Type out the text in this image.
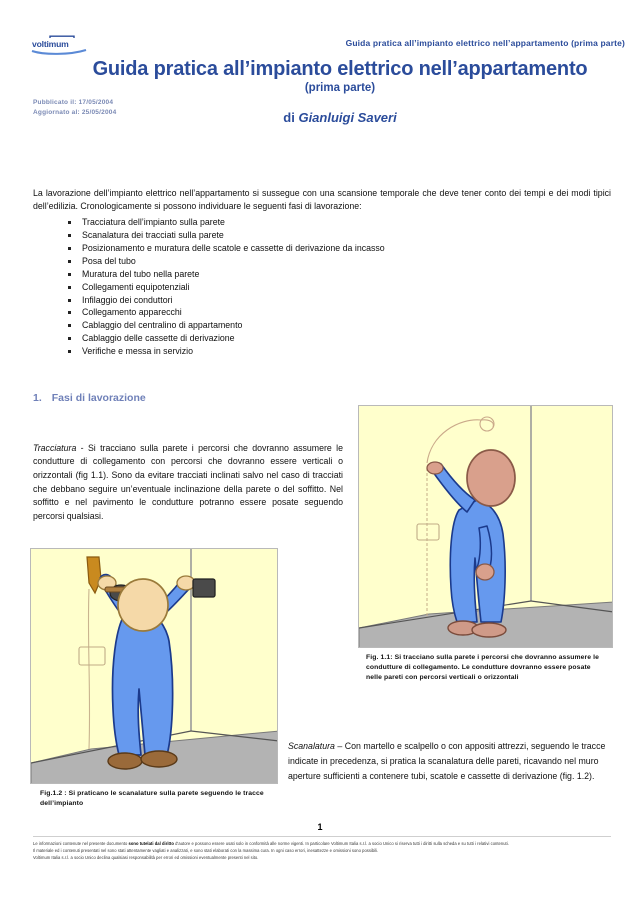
voltimum	Guida pratica all’impianto elettrico nell’appartamento (prima parte)
Guida pratica all’impianto elettrico nell’appartamento
(prima parte)
di Gianluigi Saveri
Pubblicato il: 17/05/2004
Aggiornato al: 25/05/2004

La lavorazione dell’impianto elettrico nell’appartamento si sussegue con una scansione temporale che deve tener conto dei tempi e dei modi tipici dell’edilizia. Cronologicamente si possono individuare le seguenti fasi di lavorazione:

Tracciatura dell’impianto sulla parete
Scanalatura dei tracciati sulla parete
Posizionamento e muratura delle scatole e cassette di derivazione da incasso
Posa del tubo
Muratura del tubo nella parete
Collegamenti equipotenziali
Infilaggio dei conduttori
Collegamento apparecchi
Cablaggio del centralino di appartamento
Cablaggio delle cassette di derivazione
Verifiche e messa in servizio
1. Fasi di lavorazione

Tracciatura - Si tracciano sulla parete i percorsi che dovranno assumere le condutture di collegamento con percorsi che dovranno essere verticali o orizzontali (fig 1.1). Sono da evitare tracciati inclinati salvo nel caso di tracciati che debbano seguire un’eventuale inclinazione della parete o del soffitto. Nel soffitto e nel pavimento le condutture potranno essere posate seguendo percorsi qualsiasi.

Fig. 1.1: Si tracciano sulla parete i percorsi che dovranno assumere le condutture di collegamento. Le condutture dovranno essere posate nelle pareti con percorsi verticali o orizzontali
Fig.1.2 : Si praticano le scanalature sulla parete seguendo le tracce dell’impianto

Scanalatura – Con martello e scalpello o con appositi attrezzi, seguendo le tracce indicate in precedenza, si pratica la scanalatura delle pareti, ricavando nel muro aperture sufficienti a contenere tubi, scatole e cassette di derivazione (fig. 1.2).

1

Le informazioni contenute nel presente documento sono tutelati dal diritto d’autore e possono essere usati solo in conformità alle norme vigenti. In particolare Voltimum Italia s.r.l. a socio Unico si riserva tutti i diritti sulla scheda e su tutti i relativi contenuti.

Il materiale ed i contenuti presentati nel sono stati attentamente vagliati e analizzati, e sono stati elaborati con la massima cura. In ogni caso errori, inesattezze e omissioni sono possibili.

Voltimum Italia s.r.l. a socio Unico declina qualsiasi responsabilità per errori ed omissioni eventualmente presenti nel sito.
